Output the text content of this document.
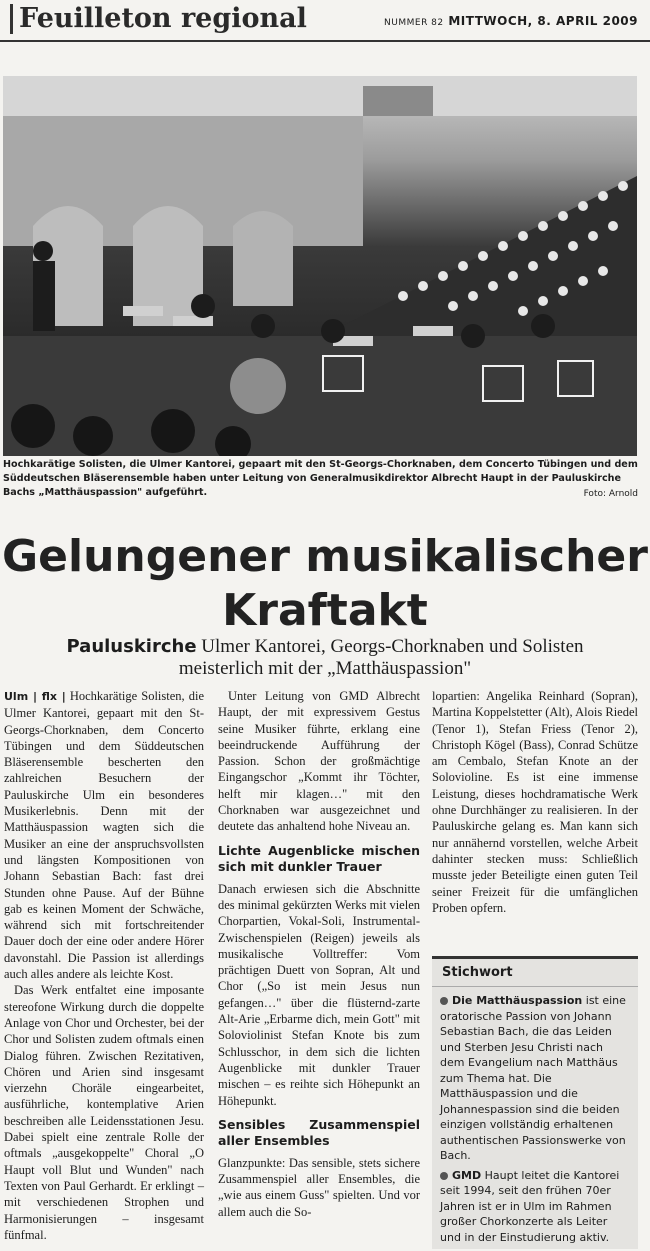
Feuilleton regional	NUMMER 82 MITTWOCH, 8. APRIL 2009
Hochkarätige Solisten, die Ulmer Kantorei, gepaart mit den St-Georgs-Chorknaben, dem Concerto Tübingen und dem Süddeutschen Bläserensemble haben unter Leitung von Generalmusikdirektor Albrecht Haupt in der Pauluskirche Bachs „Matthäuspassion" aufgeführt.	Foto: Arnold
Gelungener musikalischer
Kraftakt
Pauluskirche Ulmer Kantorei, Georgs-Chorknaben und Solisten
meisterlich mit der „Matthäuspassion"

Ulm | flx | Hochkarätige Solisten, die Ulmer Kantorei, gepaart mit den St-Georgs-Chorknaben, dem Concerto Tübingen und dem Süddeutschen Bläserensemble bescherten den zahlreichen Besuchern der Pauluskirche Ulm ein besonderes Musikerlebnis. Denn mit der Matthäuspassion wagten sich die Musiker an eine der anspruchsvollsten und längsten Kompositionen von Johann Sebastian Bach: fast drei Stunden ohne Pause. Auf der Bühne gab es keinen Moment der Schwäche, während sich mit fortschreitender Dauer doch der eine oder andere Hörer davonstahl. Die Passion ist allerdings auch alles andere als leichte Kost.

Das Werk entfaltet eine imposante stereofone Wirkung durch die doppelte Anlage von Chor und Orchester, bei der Chor und Solisten zudem oftmals einen Dialog führen. Zwischen Rezitativen, Chören und Arien sind insgesamt vierzehn Choräle eingearbeitet, ausführliche, kontemplative Arien beschreiben alle Leidensstationen Jesu. Dabei spielt eine zentrale Rolle der oftmals „ausgekoppelte" Choral „O Haupt voll Blut und Wunden" nach Texten von Paul Gerhardt. Er erklingt – mit verschiedenen Strophen und Harmonisierungen – insgesamt fünfmal.

Unter Leitung von GMD Albrecht Haupt, der mit expressivem Gestus seine Musiker führte, erklang eine beeindruckende Aufführung der Passion. Schon der großmächtige Eingangschor „Kommt ihr Töchter, helft mir klagen…" mit den Chorknaben war ausgezeichnet und deutete das anhaltend hohe Niveau an.

Lichte Augenblicke mischen sich mit dunkler Trauer

Danach erwiesen sich die Abschnitte des minimal gekürzten Werks mit vielen Chorpartien, Vokal-Soli, Instrumental-Zwischenspielen (Reigen) jeweils als musikalische Volltreffer: Vom prächtigen Duett von Sopran, Alt und Chor („So ist mein Jesus nun gefangen…" über die flüsternd-zarte Alt-Arie „Erbarme dich, mein Gott" mit Soloviolinist Stefan Knote bis zum Schlusschor, in dem sich die lichten Augenblicke mit dunkler Trauer mischen – es reihte sich Höhepunkt an Höhepunkt.

Sensibles Zusammenspiel aller Ensembles

Glanzpunkte: Das sensible, stets sichere Zusammenspiel aller Ensembles, die „wie aus einem Guss" spielten. Und vor allem auch die So-

lopartien: Angelika Reinhard (Sopran), Martina Koppelstetter (Alt), Alois Riedel (Tenor 1), Stefan Friess (Tenor 2), Christoph Kögel (Bass), Conrad Schütze am Cembalo, Stefan Knote an der Solovioline. Es ist eine immense Leistung, dieses hochdramatische Werk ohne Durchhänger zu realisieren. In der Pauluskirche gelang es. Man kann sich nur annähernd vorstellen, welche Arbeit dahinter stecken muss: Schließlich musste jeder Beteiligte einen guten Teil seiner Freizeit für die umfänglichen Proben opfern.

Stichwort

Die Matthäuspassion ist eine oratorische Passion von Johann Sebastian Bach, die das Leiden und Sterben Jesu Christi nach dem Evangelium nach Matthäus zum Thema hat. Die Matthäuspassion und die Johannespassion sind die beiden einzigen vollständig erhaltenen authentischen Passionswerke von Bach.

GMD Haupt leitet die Kantorei seit 1994, seit den frühen 70er Jahren ist er in Ulm im Rahmen großer Chorkonzerte als Leiter und in der Einstudierung aktiv.
